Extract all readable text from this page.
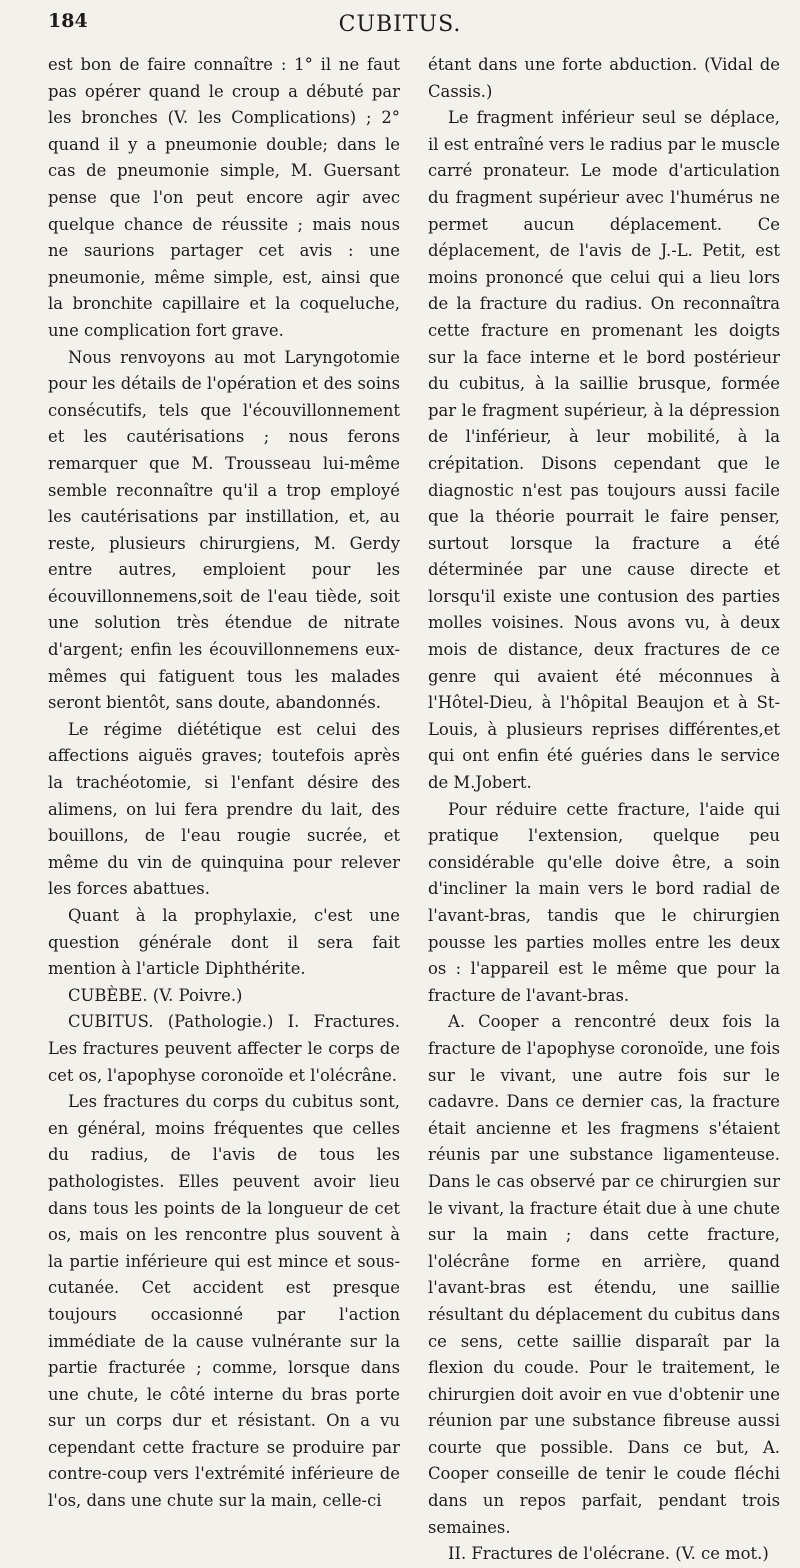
184	CUBITUS.

est bon de faire connaître : 1° il ne faut pas opérer quand le croup a débuté par les bronches (V. les Complications) ; 2° quand il y a pneumonie double; dans le cas de pneumonie simple, M. Guersant pense que l'on peut encore agir avec quelque chance de réussite ; mais nous ne saurions partager cet avis : une pneumonie, même simple, est, ainsi que la bronchite capillaire et la coqueluche, une complication fort grave.

Nous renvoyons au mot Laryngotomie pour les détails de l'opération et des soins consécutifs, tels que l'écouvillonnement et les cautérisations ; nous ferons remarquer que M. Trousseau lui-même semble reconnaître qu'il a trop employé les cautérisations par instillation, et, au reste, plusieurs chirurgiens, M. Gerdy entre autres, emploient pour les écouvillonnemens,soit de l'eau tiède, soit une solution très étendue de nitrate d'argent; enfin les écouvillonnemens eux-mêmes qui fatiguent tous les malades seront bientôt, sans doute, abandonnés.

Le régime diététique est celui des affections aiguës graves; toutefois après la trachéotomie, si l'enfant désire des alimens, on lui fera prendre du lait, des bouillons, de l'eau rougie sucrée, et même du vin de quinquina pour relever les forces abattues.

Quant à la prophylaxie, c'est une question générale dont il sera fait mention à l'article Diphthérite.

CUBÈBE. (V. Poivre.)

CUBITUS. (Pathologie.) I. Fractures. Les fractures peuvent affecter le corps de cet os, l'apophyse coronoïde et l'olécrâne.

Les fractures du corps du cubitus sont, en général, moins fréquentes que celles du radius, de l'avis de tous les pathologistes. Elles peuvent avoir lieu dans tous les points de la longueur de cet os, mais on les rencontre plus souvent à la partie inférieure qui est mince et sous-cutanée. Cet accident est presque toujours occasionné par l'action immédiate de la cause vulnérante sur la partie fracturée ; comme, lorsque dans une chute, le côté interne du bras porte sur un corps dur et résistant. On a vu cependant cette fracture se produire par contre-coup vers l'extrémité inférieure de l'os, dans une chute sur la main, celle-ci

étant dans une forte abduction. (Vidal de Cassis.)

Le fragment inférieur seul se déplace, il est entraîné vers le radius par le muscle carré pronateur. Le mode d'articulation du fragment supérieur avec l'humérus ne permet aucun déplacement. Ce déplacement, de l'avis de J.-L. Petit, est moins prononcé que celui qui a lieu lors de la fracture du radius. On reconnaîtra cette fracture en promenant les doigts sur la face interne et le bord postérieur du cubitus, à la saillie brusque, formée par le fragment supérieur, à la dépression de l'inférieur, à leur mobilité, à la crépitation. Disons cependant que le diagnostic n'est pas toujours aussi facile que la théorie pourrait le faire penser, surtout lorsque la fracture a été déterminée par une cause directe et lorsqu'il existe une contusion des parties molles voisines. Nous avons vu, à deux mois de distance, deux fractures de ce genre qui avaient été méconnues à l'Hôtel-Dieu, à l'hôpital Beaujon et à St-Louis, à plusieurs reprises différentes,et qui ont enfin été guéries dans le service de M.Jobert.

Pour réduire cette fracture, l'aide qui pratique l'extension, quelque peu considérable qu'elle doive être, a soin d'incliner la main vers le bord radial de l'avant-bras, tandis que le chirurgien pousse les parties molles entre les deux os : l'appareil est le même que pour la fracture de l'avant-bras.

A. Cooper a rencontré deux fois la fracture de l'apophyse coronoïde, une fois sur le vivant, une autre fois sur le cadavre. Dans ce dernier cas, la fracture était ancienne et les fragmens s'étaient réunis par une substance ligamenteuse. Dans le cas observé par ce chirurgien sur le vivant, la fracture était due à une chute sur la main ; dans cette fracture, l'olécrâne forme en arrière, quand l'avant-bras est étendu, une saillie résultant du déplacement du cubitus dans ce sens, cette saillie disparaît par la flexion du coude. Pour le traitement, le chirurgien doit avoir en vue d'obtenir une réunion par une substance fibreuse aussi courte que possible. Dans ce but, A. Cooper conseille de tenir le coude fléchi dans un repos parfait, pendant trois semaines.

II. Fractures de l'olécrane. (V. ce mot.)
